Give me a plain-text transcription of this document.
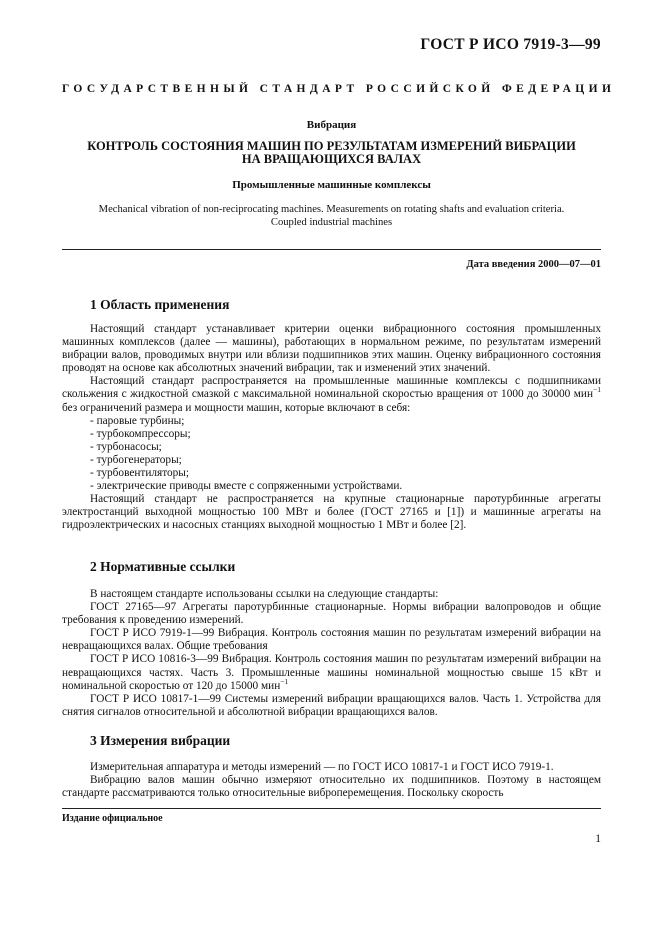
ГОСТ Р ИСО 7919-3—99
ГОСУДАРСТВЕННЫЙ СТАНДАРТ РОССИЙСКОЙ ФЕДЕРАЦИИ
Вибрация
КОНТРОЛЬ СОСТОЯНИЯ МАШИН ПО РЕЗУЛЬТАТАМ ИЗМЕРЕНИЙ ВИБРАЦИИ
НА ВРАЩАЮЩИХСЯ ВАЛАХ
Промышленные машинные комплексы
Mechanical vibration of non-reciprocating machines. Measurements on rotating shafts and evaluation criteria.
Coupled industrial machines
Дата введения 2000—07—01
1 Область применения

Настоящий стандарт устанавливает критерии оценки вибрационного состояния промышленных машинных комплексов (далее — машины), работающих в нормальном режиме, по результатам измерений вибрации валов, проводимых внутри или вблизи подшипников этих машин. Оценку вибрационного состояния проводят на основе как абсолютных значений вибрации, так и изменений этих значений.

Настоящий стандарт распространяется на промышленные машинные комплексы с подшипниками скольжения с жидкостной смазкой с максимальной номинальной скоростью вращения от 1000 до 30000 мин$^{-1}$ без ограничений размера и мощности машин, которые включают в себя:

- паровые турбины;
- турбокомпрессоры;
- турбонасосы;
- турбогенераторы;
- турбовентиляторы;
- электрические приводы вместе с сопряженными устройствами.

Настоящий стандарт не распространяется на крупные стационарные паротурбинные агрегаты электростанций выходной мощностью 100 МВт и более (ГОСТ 27165 и [1]) и машинные агрегаты на гидроэлектрических и насосных станциях выходной мощностью 1 МВт и более [2].

2 Нормативные ссылки

В настоящем стандарте использованы ссылки на следующие стандарты:

ГОСТ 27165—97 Агрегаты паротурбинные стационарные. Нормы вибрации валопроводов и общие требования к проведению измерений.

ГОСТ Р ИСО 7919-1—99 Вибрация. Контроль состояния машин по результатам измерений вибрации на невращающихся валах. Общие требования

ГОСТ Р ИСО 10816-3—99 Вибрация. Контроль состояния машин по результатам измерений вибрации на невращающихся частях. Часть 3. Промышленные машины номинальной мощностью свыше 15 кВт и номинальной скоростью от 120 до 15000 мин$^{-1}$

ГОСТ Р ИСО 10817-1—99 Системы измерений вибрации вращающихся валов. Часть 1. Устройства для снятия сигналов относительной и абсолютной вибрации вращающихся валов.

3 Измерения вибрации

Измерительная аппаратура и методы измерений — по ГОСТ ИСО 10817-1 и ГОСТ ИСО 7919-1.

Вибрацию валов машин обычно измеряют относительно их подшипников. Поэтому в настоящем стандарте рассматриваются только относительные виброперемещения. Поскольку скорость

Издание официальное
1
